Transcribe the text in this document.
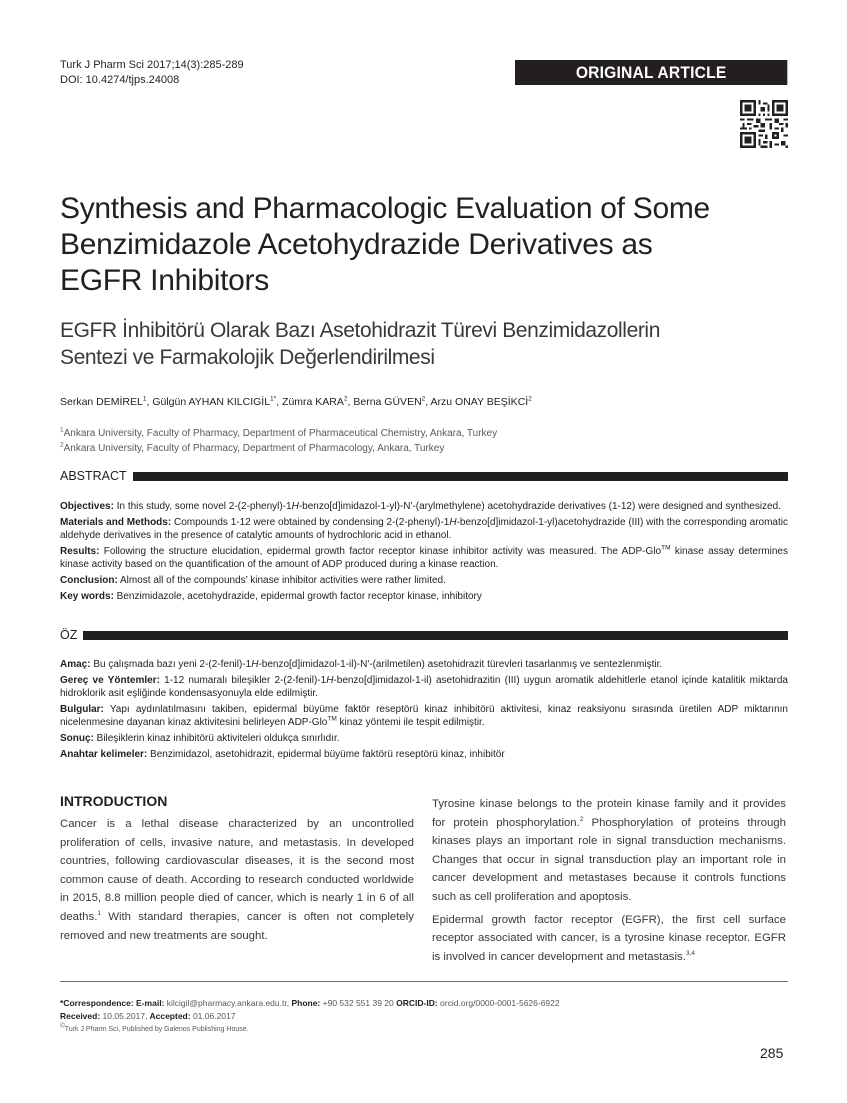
Turk J Pharm Sci 2017;14(3):285-289
DOI: 10.4274/tjps.24008	ORIGINAL ARTICLE
Synthesis and Pharmacologic Evaluation of Some
Benzimidazole Acetohydrazide Derivatives as
EGFR Inhibitors
EGFR İnhibitörü Olarak Bazı Asetohidrazit Türevi Benzimidazollerin
Sentezi ve Farmakolojik Değerlendirilmesi
Serkan DEMİREL$^1$, Gülgün AYHAN $KILCIGİL^{1*}$, Zümra KARA$^2$, Berna GÜVEN$^2$, Arzu ONAY BEŞİKCİ$^2$
$^1$Ankara University, Faculty of Pharmacy, Department of Pharmaceutical Chemistry, Ankara, Turkey
$^2$Ankara University, Faculty of Pharmacy, Department of Pharmacology, Ankara, Turkey
ABSTRACT

Objectives: In this study, some novel 2-(2-phenyl)-1H-benzo[d]imidazol-1-yl)-N'-(arylmethylene) acetohydrazide derivatives (1-12) were designed and synthesized.

Materials and Methods: Compounds 1-12 were obtained by condensing 2-(2-phenyl)-1H-benzo[d]imidazol-1-yl)acetohydrazide (III) with the corresponding aromatic aldehyde derivatives in the presence of catalytic amounts of hydrochloric acid in ethanol.

Results: Following the structure elucidation, epidermal growth factor receptor kinase inhibitor activity was measured. The ADP-Glo™ kinase assay determines kinase activity based on the quantification of the amount of ADP produced during a kinase reaction.

Conclusion: Almost all of the compounds’ kinase inhibitor activities were rather limited.

Key words: Benzimidazole, acetohydrazide, epidermal growth factor receptor kinase, inhibitory

ÖZ

Amaç: Bu çalışmada bazı yeni 2-(2-fenil)-1H-benzo[d]imidazol-1-il)-N'-(arilmetilen) asetohidrazit türevleri tasarlanmış ve sentezlenmiştir.

Gereç ve Yöntemler: 1-12 numaralı bileşikler 2-(2-fenil)-1H-benzo[d]imidazol-1-il) asetohidrazitin (III) uygun aromatik aldehitlerle etanol içinde katalitik miktarda hidroklorik asit eşliğinde kondensasyonuyla elde edilmiştir.

Bulgular: Yapı aydınlatılmasını takiben, epidermal büyüme faktör reseptörü kinaz inhibitörü aktivitesi, kinaz reaksiyonu sırasında üretilen ADP miktarının nicelenmesine dayanan kinaz aktivitesini belirleyen ADP-Glo™ kinaz yöntemi ile tespit edilmiştir.

Sonuç: Bileşiklerin kinaz inhibitörü aktiviteleri oldukça sınırlıdır.

Anahtar kelimeler: Benzimidazol, asetohidrazit, epidermal büyüme faktörü reseptörü kinaz, inhibitör

INTRODUCTION

Cancer is a lethal disease characterized by an uncontrolled proliferation of cells, invasive nature, and metastasis. In developed countries, following cardiovascular diseases, it is the second most common cause of death. According to research conducted worldwide in 2015, 8.8 million people died of cancer, which is nearly 1 in 6 of all deaths.$^1$ With standard therapies, cancer is often not completely removed and new treatments are sought.

Tyrosine kinase belongs to the protein kinase family and it provides for protein phosphorylation.$^2$ Phosphorylation of proteins through kinases plays an important role in signal transduction mechanisms. Changes that occur in signal transduction play an important role in cancer development and metastases because it controls functions such as cell proliferation and apoptosis.

Epidermal growth factor receptor (EGFR), the first cell surface receptor associated with cancer, is a tyrosine kinase receptor. EGFR is involved in cancer development and metastasis.$^{3,4}$

*Correspondence: E-mail: kilcigil@pharmacy.ankara.edu.tr, Phone: +90 532 551 39 20 ORCID-ID: orcid.org/0000-0001-5626-6922
Received: 10.05.2017, Accepted: 01.06.2017
©Turk J Pharm Sci, Published by Galenos Publishing House.
285
